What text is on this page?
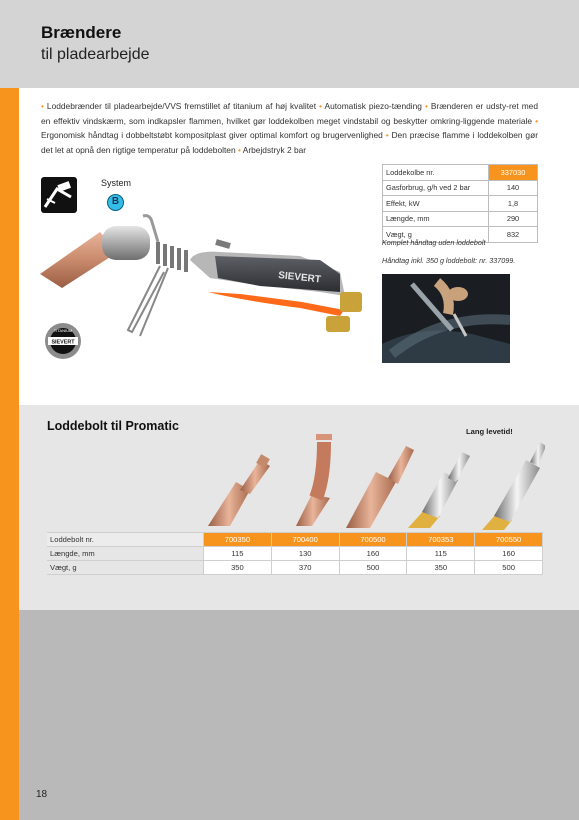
Brændere
til pladearbejde
• Loddebrænder til pladearbejde/VVS fremstillet af titanium af høj kvalitet • Automatisk piezo-tænding • Brænderen er udsty-ret med en effektiv vindskærm, som indkapsler flammen, hvilket gør loddekolben meget vindstabil og beskytter omkring-liggende materiale • Ergonomisk håndtag i dobbeltstøbt kompositplast giver optimal komfort og brugervenlighed • Den præcise flamme i loddekolben gør det let at opnå den rigtige temperatur på loddebolten • Arbejdstryk 2 bar
System
B
SIEVERT
SIEVERT
TITANIUM
Loddekolbe nr.	337030
Gasforbrug, g/h ved 2 bar	140
Effekt, kW	1,8
Længde, mm	290
Vægt, g	832
Komplet håndtag uden loddebolt
Håndtag inkl. 350 g loddebolt: nr. 337099.
Loddebolt til Promatic	Lang levetid!
Loddebolt nr.	700350	700400	700500	700353	700550
Længde, mm	115	130	160	115	160
Vægt, g	350	370	500	350	500
18
